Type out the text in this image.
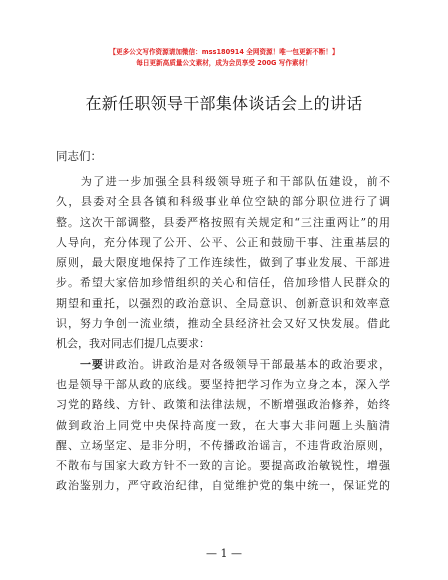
【更多公文写作资源请加微信：mss180914 全网资源！唯一包更新不断！】
每日更新高质量公文素材，成为会员享受 200G 写作素材！
在新任职领导干部集体谈话会上的讲话
同志们：
　　为了进一步加强全县科级领导班子和干部队伍建设，前不
久，县委对全县各镇和科级事业单位空缺的部分职位进行了调
整。这次干部调整，县委严格按照有关规定和“三注重两让”的用
人导向，充分体现了公开、公平、公正和鼓励干事、注重基层的
原则，最大限度地保持了工作连续性，做到了事业发展、干部进
步。希望大家倍加珍惜组织的关心和信任，倍加珍惜人民群众的
期望和重托，以强烈的政治意识、全局意识、创新意识和效率意
识，努力争创一流业绩，推动全县经济社会又好又快发展。借此
机会，我对同志们提几点要求：
　　一要讲政治。讲政治是对各级领导干部最基本的政治要求，
也是领导干部从政的底线。要坚持把学习作为立身之本，深入学
习党的路线、方针、政策和法律法规，不断增强政治修养，始终
做到政治上同党中央保持高度一致，在大事大非问题上头脑清
醒、立场坚定、是非分明，不传播政治谣言，不违背政治原则，
不散布与国家大政方针不一致的言论。要提高政治敏锐性，增强
政治鉴别力，严守政治纪律，自觉维护党的集中统一，保证党的
— 1 —
